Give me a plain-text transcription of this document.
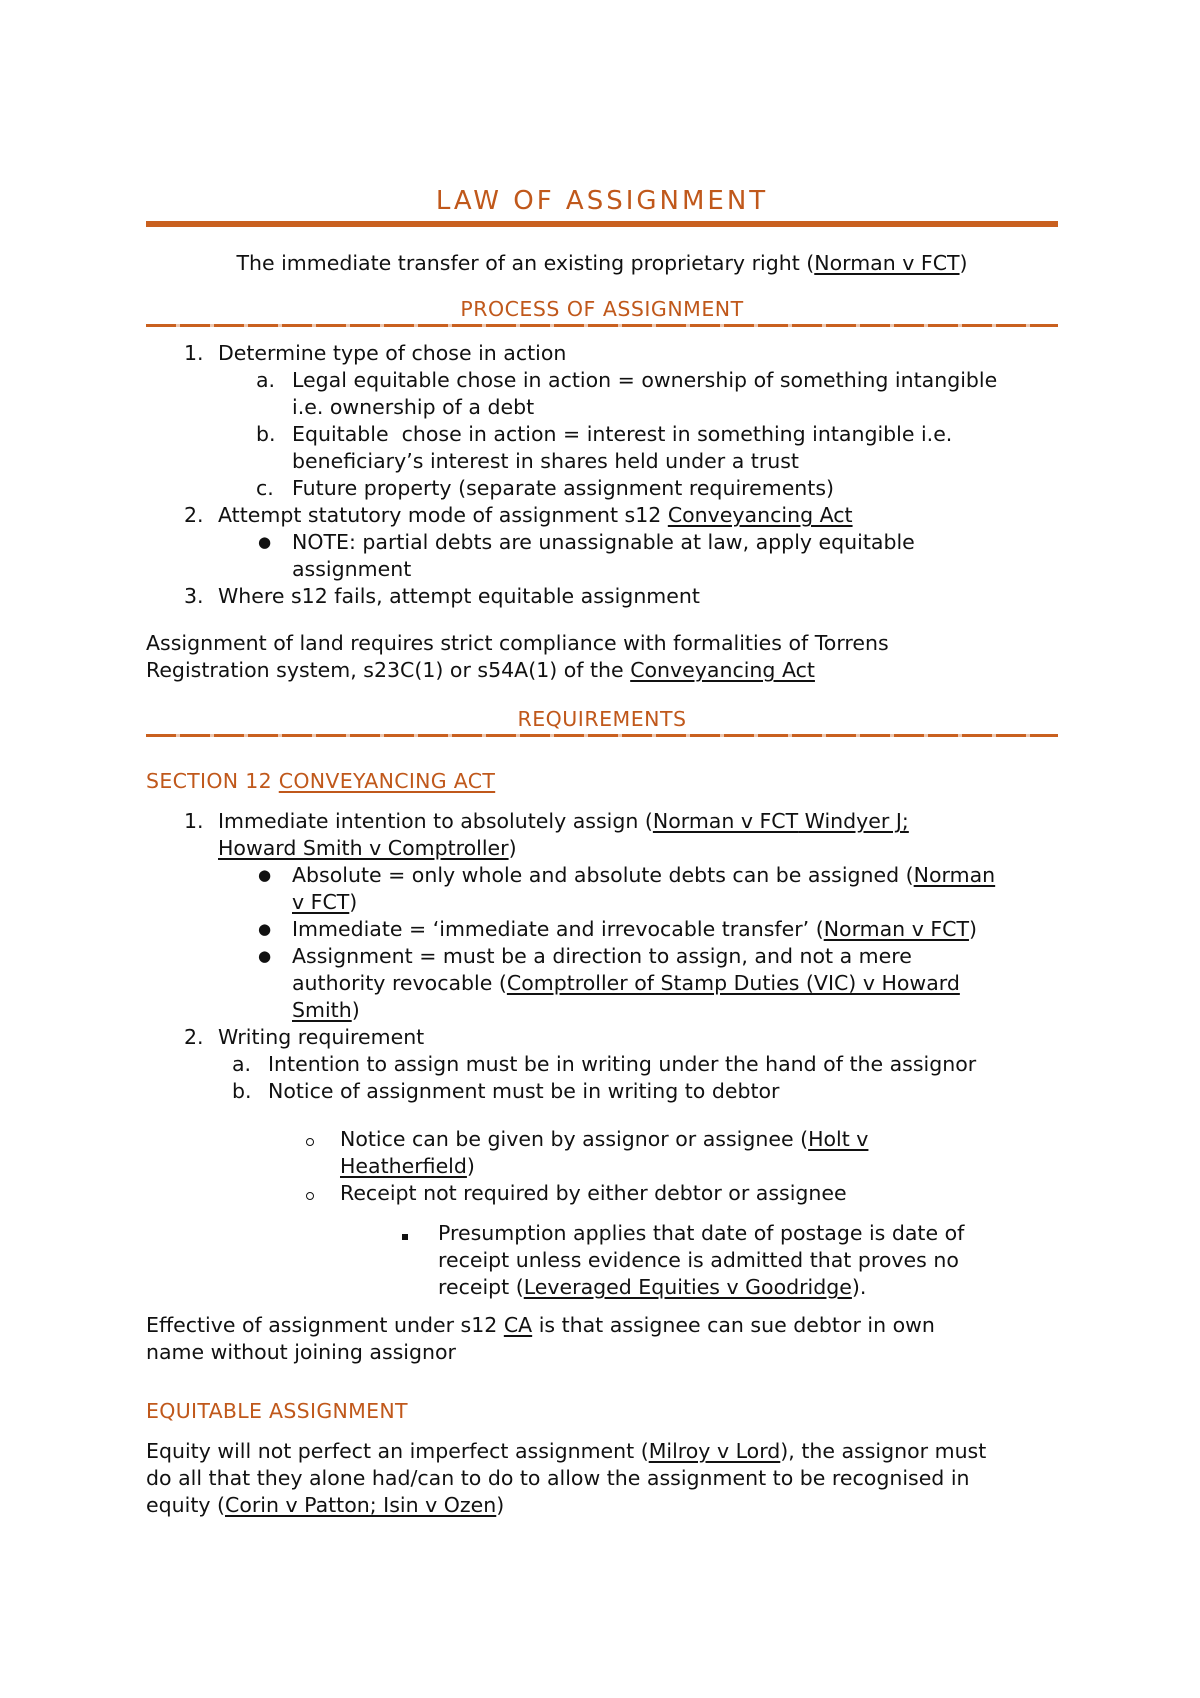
LAW OF ASSIGNMENT
The immediate transfer of an existing proprietary right (Norman v FCT)
PROCESS OF ASSIGNMENT
1. Determine type of chose in action
a. Legal equitable chose in action = ownership of something intangible
i.e. ownership of a debt
b. Equitable  chose in action = interest in something intangible i.e.
beneficiary’s interest in shares held under a trust
c. Future property (separate assignment requirements)
2. Attempt statutory mode of assignment s12 Conveyancing Act
● NOTE: partial debts are unassignable at law, apply equitable
assignment
3. Where s12 fails, attempt equitable assignment
Assignment of land requires strict compliance with formalities of Torrens
Registration system, s23C(1) or s54A(1) of the Conveyancing Act
REQUIREMENTS
SECTION 12 CONVEYANCING ACT
1. Immediate intention to absolutely assign (Norman v FCT Windyer J;
Howard Smith v Comptroller)
● Absolute = only whole and absolute debts can be assigned (Norman
v FCT)
● Immediate = ‘immediate and irrevocable transfer’ (Norman v FCT)
● Assignment = must be a direction to assign, and not a mere
authority revocable (Comptroller of Stamp Duties (VIC) v Howard
Smith)
2. Writing requirement
a. Intention to assign must be in writing under the hand of the assignor
b. Notice of assignment must be in writing to debtor
Notice can be given by assignor or assignee (Holt v
Heatherfield)
Receipt not required by either debtor or assignee
Presumption applies that date of postage is date of
receipt unless evidence is admitted that proves no
receipt (Leveraged Equities v Goodridge).
Effective of assignment under s12 CA is that assignee can sue debtor in own
name without joining assignor
EQUITABLE ASSIGNMENT
Equity will not perfect an imperfect assignment (Milroy v Lord), the assignor must
do all that they alone had/can to do to allow the assignment to be recognised in
equity (Corin v Patton; Isin v Ozen)
